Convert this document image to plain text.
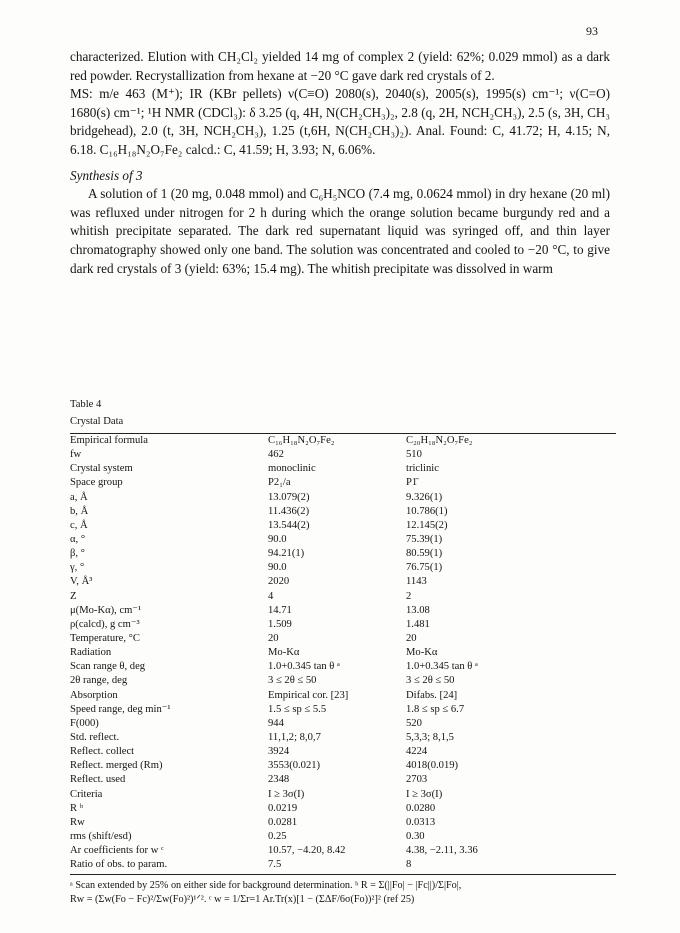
93

characterized. Elution with CH₂Cl₂ yielded 14 mg of complex 2 (yield: 62%; 0.029 mmol) as a dark red powder. Recrystallization from hexane at −20 °C gave dark red crystals of 2.

MS: m/e 463 (M⁺); IR (KBr pellets) ν(C≡O) 2080(s), 2040(s), 2005(s), 1995(s) cm⁻¹; ν(C=O) 1680(s) cm⁻¹; ¹H NMR (CDCl₃): δ 3.25 (q, 4H, N(CH₂CH₃)₂, 2.8 (q, 2H, NCH₂CH₃), 2.5 (s, 3H, CH₃ bridgehead), 2.0 (t, 3H, NCH₂CH₃), 1.25 (t,6H, N(CH₂CH₃)₂). Anal. Found: C, 41.72; H, 4.15; N, 6.18. C₁₆H₁₈N₂O₇Fe₂ calcd.: C, 41.59; H, 3.93; N, 6.06%.

Synthesis of 3

A solution of 1 (20 mg, 0.048 mmol) and C₆H₅NCO (7.4 mg, 0.0624 mmol) in dry hexane (20 ml) was refluxed under nitrogen for 2 h during which the orange solution became burgundy red and a whitish precipitate separated. The dark red supernatant liquid was syringed off, and thin layer chromatography showed only one band. The solution was concentrated and cooled to −20 °C, to give dark red crystals of 3 (yield: 63%; 15.4 mg). The whitish precipitate was dissolved in warm

Table 4
Crystal Data
Empirical formula	C₁₆H₁₈N₂O₇Fe₂	C₂₀H₁₈N₂O₇Fe₂
fw	462	510
Crystal system	monoclinic	triclinic
Space group	P2₁/a	P1̄
a, Å	13.079(2)	9.326(1)
b, Å	11.436(2)	10.786(1)
c, Å	13.544(2)	12.145(2)
α, °	90.0	75.39(1)
β, °	94.21(1)	80.59(1)
γ, °	90.0	76.75(1)
V, Å³	2020	1143
Z	4	2
μ(Mo-Kα), cm⁻¹	14.71	13.08
ρ(calcd), g cm⁻³	1.509	1.481
Temperature, °C	20	20
Radiation	Mo-Kα	Mo-Kα
Scan range θ, deg	1.0+0.345 tan θ ᵃ	1.0+0.345 tan θ ᵃ
2θ range, deg	3 ≤ 2θ ≤ 50	3 ≤ 2θ ≤ 50
Absorption	Empirical cor. [23]	Difabs. [24]
Speed range, deg min⁻¹	1.5 ≤ sp ≤ 5.5	1.8 ≤ sp ≤ 6.7
F(000)	944	520
Std. reflect.	11,1,2; 8,0,7	5,3,3; 8,1,5
Reflect. collect	3924	4224
Reflect. merged (Rm)	3553(0.021)	4018(0.019)
Reflect. used	2348	2703
Criteria	I ≥ 3σ(I)	I ≥ 3σ(I)
R ᵇ	0.0219	0.0280
Rw	0.0281	0.0313
rms (shift/esd)	0.25	0.30
Ar coefficients for w ᶜ	10.57, −4.20, 8.42	4.38, −2.11, 3.36
Ratio of obs. to param.	7.5	8
ᵃ Scan extended by 25% on either side for background determination. ᵇ R = Σ(||Fo| − |Fc||)/Σ|Fo|,
Rw = (Σw(Fo − Fc)²/Σw(Fo)²)¹ᐟ². ᶜ w = 1/Σr=1 Ar.Tr(x)[1 − (ΣΔF/6σ(Fo))²]² (ref 25)
